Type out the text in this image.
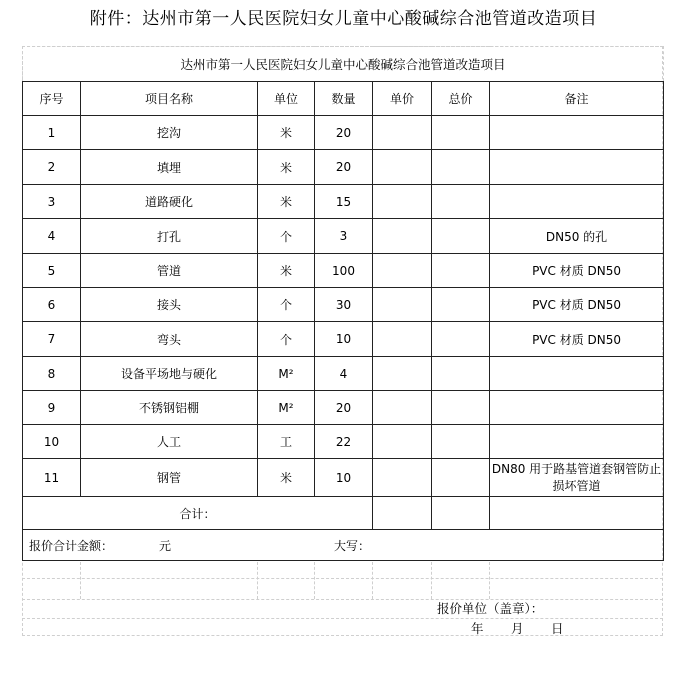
附件：达州市第一人民医院妇女儿童中心酸碱综合池管道改造项目
达州市第一人民医院妇女儿童中心酸碱综合池管道改造项目						
序号	项目名称	单位	数量	单价	总价	备注
1	挖沟	米	20			
2	填埋	米	20			
3	道路硬化	米	15			
4	打孔	个	3			DN50 的孔
5	管道	米	100			PVC 材质 DN50
6	接头	个	30			PVC 材质 DN50
7	弯头	个	10			PVC 材质 DN50
8	设备平场地与硬化	M²	4			
9	不锈钢铝棚	M²	20			
10	人工	工	22			
11	钢管	米	10			DN80 用于路基管道套钢管防止损坏管道
合计：						

报价合计金额： 元 大写：						
报价单位（盖章）：
年 月 日
